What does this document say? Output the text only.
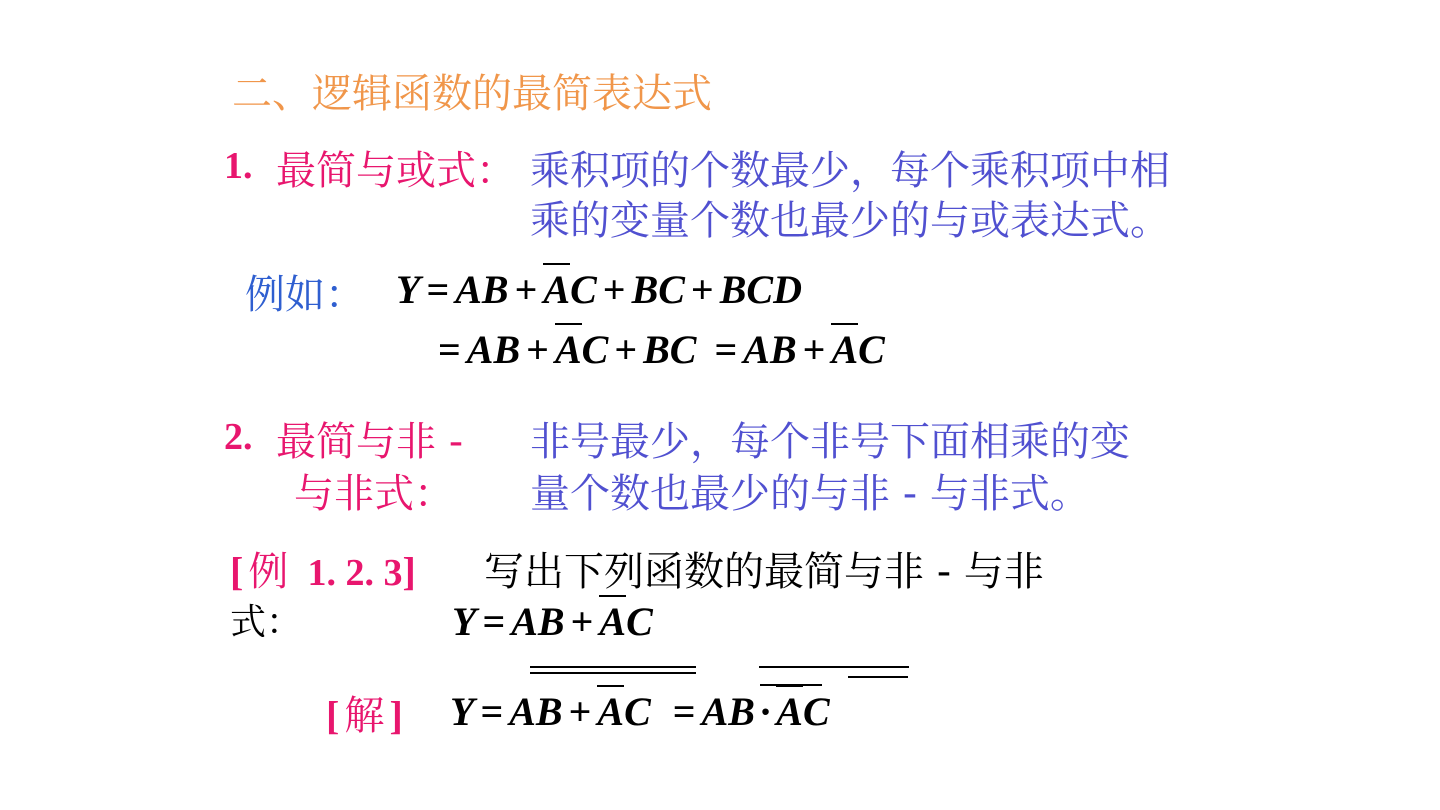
二、逻辑函数的最简表达式
1. 最简与或式： 乘积项的个数最少，每个乘积项中相
乘的变量个数也最少的与或表达式。
例如： Y = AB + AC + BC + BCD
= AB + AC + BC = AB + AC
2. 最简与非 -
与非式：
非号最少，每个非号下面相乘的变
量个数也最少的与非 - 与非式。
[ 例 1. 2. 3] 写出下列函数的最简与非 - 与非
式：	Y = AB + AC
[ 解 ] Y = AB + AC = AB · AC
